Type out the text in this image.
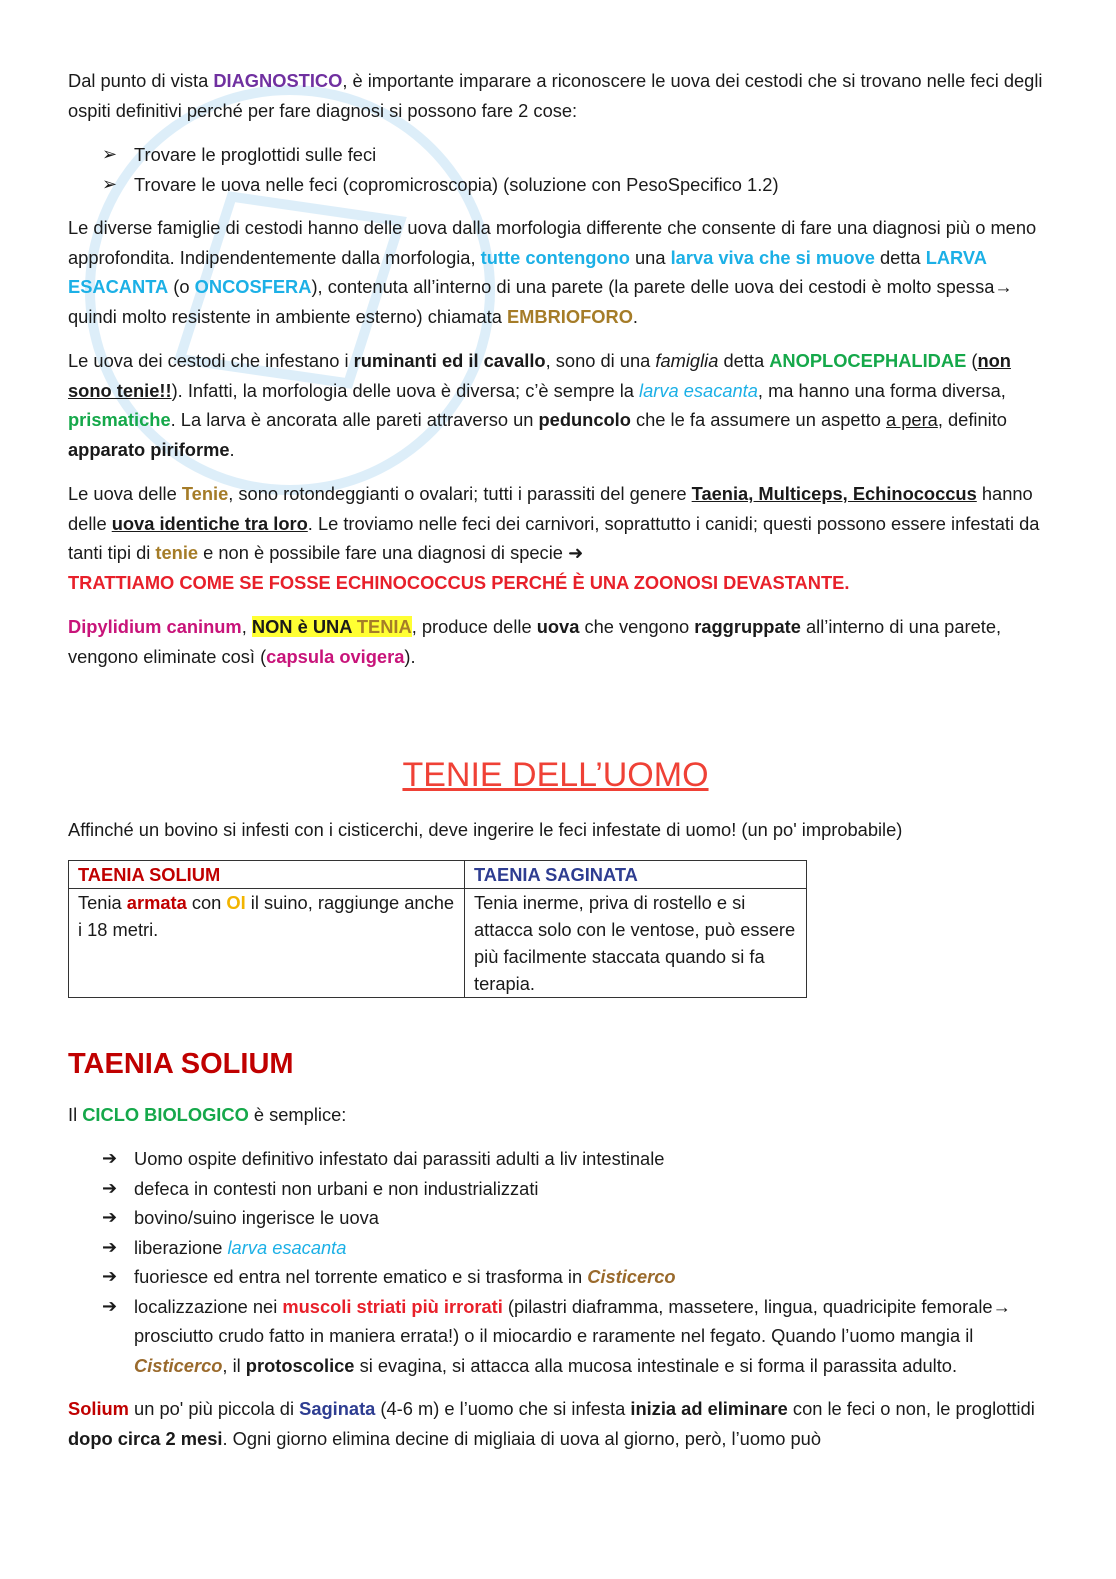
Dal punto di vista DIAGNOSTICO, è importante imparare a riconoscere le uova dei cestodi che si trovano nelle feci degli ospiti definitivi perché per fare diagnosi si possono fare 2 cose:

➢ Trovare le proglottidi sulle feci
➢ Trovare le uova nelle feci (copromicroscopia) (soluzione con PesoSpecifico 1.2)

Le diverse famiglie di cestodi hanno delle uova dalla morfologia differente che consente di fare una diagnosi più o meno approfondita. Indipendentemente dalla morfologia, tutte contengono una larva viva che si muove detta LARVA ESACANTA (o ONCOSFERA), contenuta all’interno di una parete (la parete delle uova dei cestodi è molto spessa→ quindi molto resistente in ambiente esterno) chiamata EMBRIOFORO.

Le uova dei cestodi che infestano i ruminanti ed il cavallo, sono di una famiglia detta ANOPLOCEPHALIDAE (non sono tenie!!). Infatti, la morfologia delle uova è diversa; c’è sempre la larva esacanta, ma hanno una forma diversa, prismatiche. La larva è ancorata alle pareti attraverso un peduncolo che le fa assumere un aspetto a pera, definito apparato piriforme.

Le uova delle Tenie, sono rotondeggianti o ovalari; tutti i parassiti del genere Taenia, Multiceps, Echinococcus hanno delle uova identiche tra loro. Le troviamo nelle feci dei carnivori, soprattutto i canidi; questi possono essere infestati da tanti tipi di tenie e non è possibile fare una diagnosi di specie ➜
TRATTIAMO COME SE FOSSE ECHINOCOCCUS PERCHÉ È UNA ZOONOSI DEVASTANTE.

Dipylidium caninum, NON è UNA TENIA, produce delle uova che vengono raggruppate all’interno di una parete, vengono eliminate così (capsula ovigera).

TENIE DELL’UOMO

Affinché un bovino si infesti con i cisticerchi, deve ingerire le feci infestate di uomo! (un po' improbabile)

TAENIA SOLIUM	TAENIA SAGINATA
Tenia armata con OI il suino, raggiunge anche i 18 metri.	Tenia inerme, priva di rostello e si attacca solo con le ventose, può essere più facilmente staccata quando si fa terapia.
TAENIA SOLIUM

Il CICLO BIOLOGICO è semplice:

➔ Uomo ospite definitivo infestato dai parassiti adulti a liv intestinale
➔ defeca in contesti non urbani e non industrializzati
➔ bovino/suino ingerisce le uova
➔ liberazione larva esacanta
➔ fuoriesce ed entra nel torrente ematico e si trasforma in Cisticerco
➔ localizzazione nei muscoli striati più irrorati (pilastri diaframma, massetere, lingua, quadricipite femorale→ prosciutto crudo fatto in maniera errata!) o il miocardio e raramente nel fegato. Quando l’uomo mangia il Cisticerco, il protoscolice si evagina, si attacca alla mucosa intestinale e si forma il parassita adulto.

Solium un po' più piccola di Saginata (4-6 m) e l’uomo che si infesta inizia ad eliminare con le feci o non, le proglottidi dopo circa 2 mesi. Ogni giorno elimina decine di migliaia di uova al giorno, però, l’uomo può
